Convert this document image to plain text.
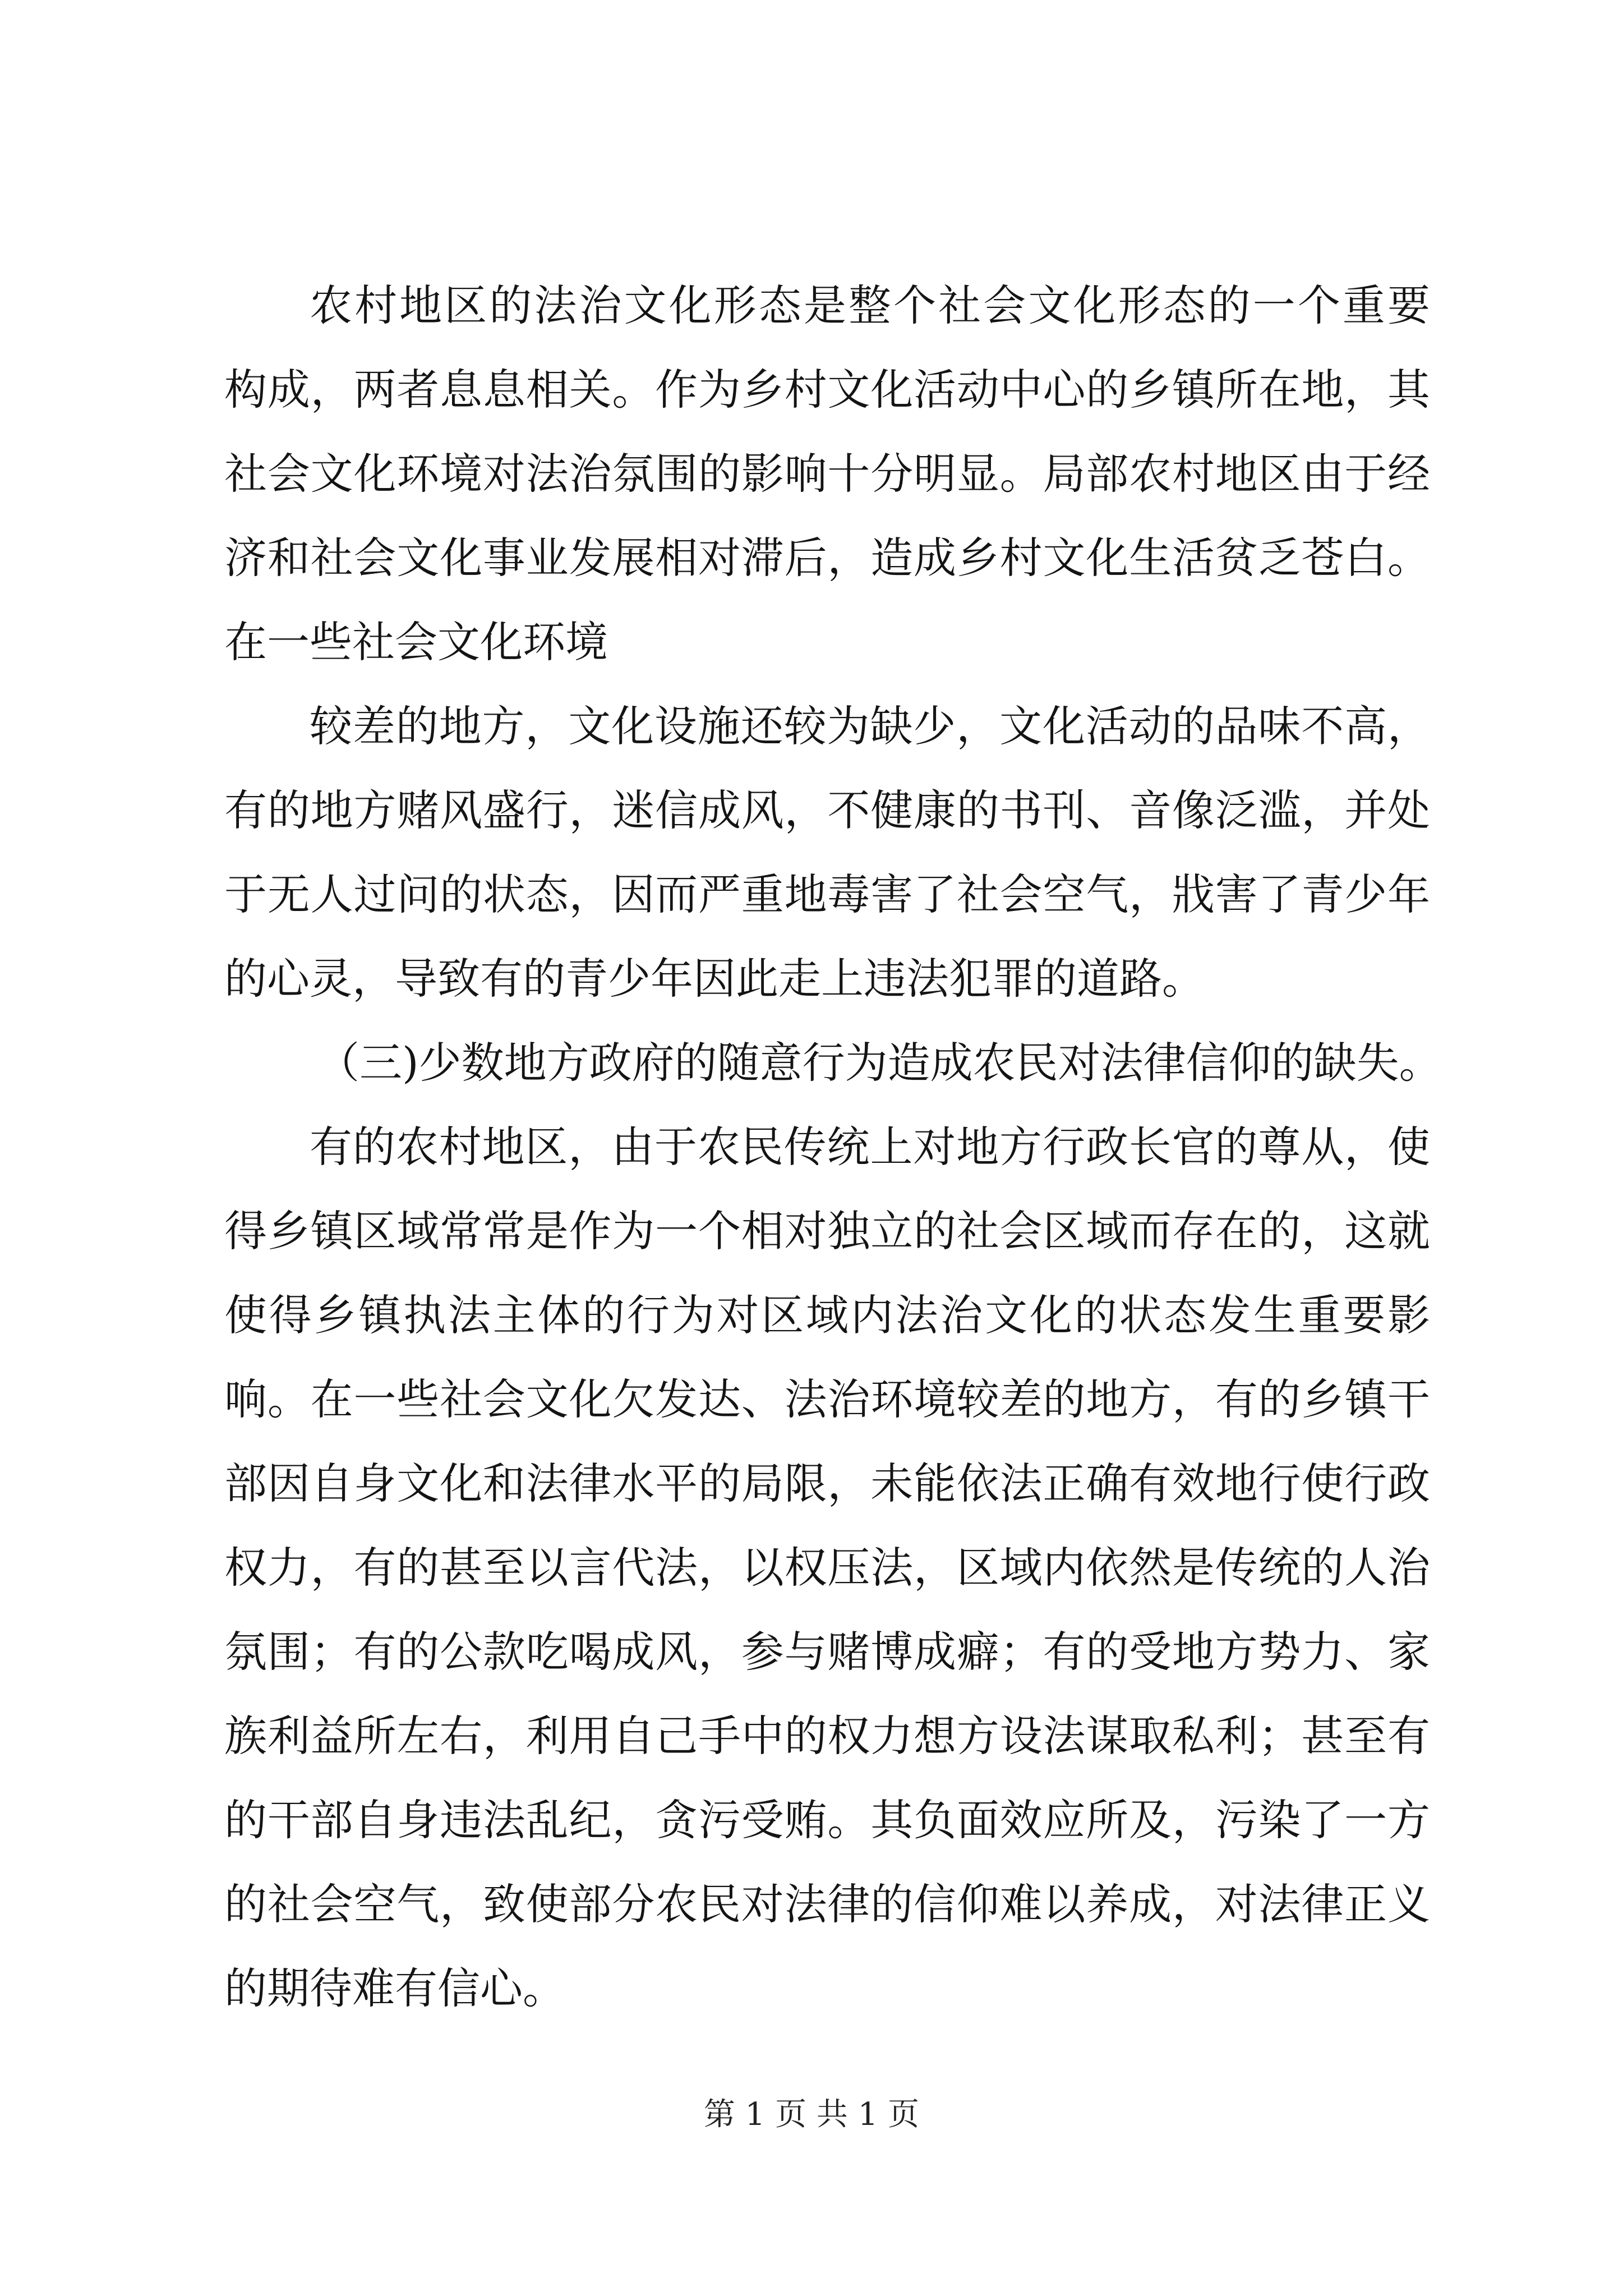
农村地区的法治文化形态是整个社会文化形态的一个重要
构成，两者息息相关。作为乡村文化活动中心的乡镇所在地，其
社会文化环境对法治氛围的影响十分明显。局部农村地区由于经
济和社会文化事业发展相对滞后，造成乡村文化生活贫乏苍白。
在一些社会文化环境
较差的地方，文化设施还较为缺少，文化活动的品味不高，
有的地方赌风盛行，迷信成风，不健康的书刊、音像泛滥，并处
于无人过问的状态，因而严重地毒害了社会空气，戕害了青少年
的心灵，导致有的青少年因此走上违法犯罪的道路。
（三)少数地方政府的随意行为造成农民对法律信仰的缺失。
有的农村地区，由于农民传统上对地方行政长官的尊从，使
得乡镇区域常常是作为一个相对独立的社会区域而存在的，这就
使得乡镇执法主体的行为对区域内法治文化的状态发生重要影
响。在一些社会文化欠发达、法治环境较差的地方，有的乡镇干
部因自身文化和法律水平的局限，未能依法正确有效地行使行政
权力，有的甚至以言代法，以权压法，区域内依然是传统的人治
氛围；有的公款吃喝成风，参与赌博成癖；有的受地方势力、家
族利益所左右，利用自己手中的权力想方设法谋取私利；甚至有
的干部自身违法乱纪，贪污受贿。其负面效应所及，污染了一方
的社会空气，致使部分农民对法律的信仰难以养成，对法律正义
的期待难有信心。
第 1 页 共 1 页
